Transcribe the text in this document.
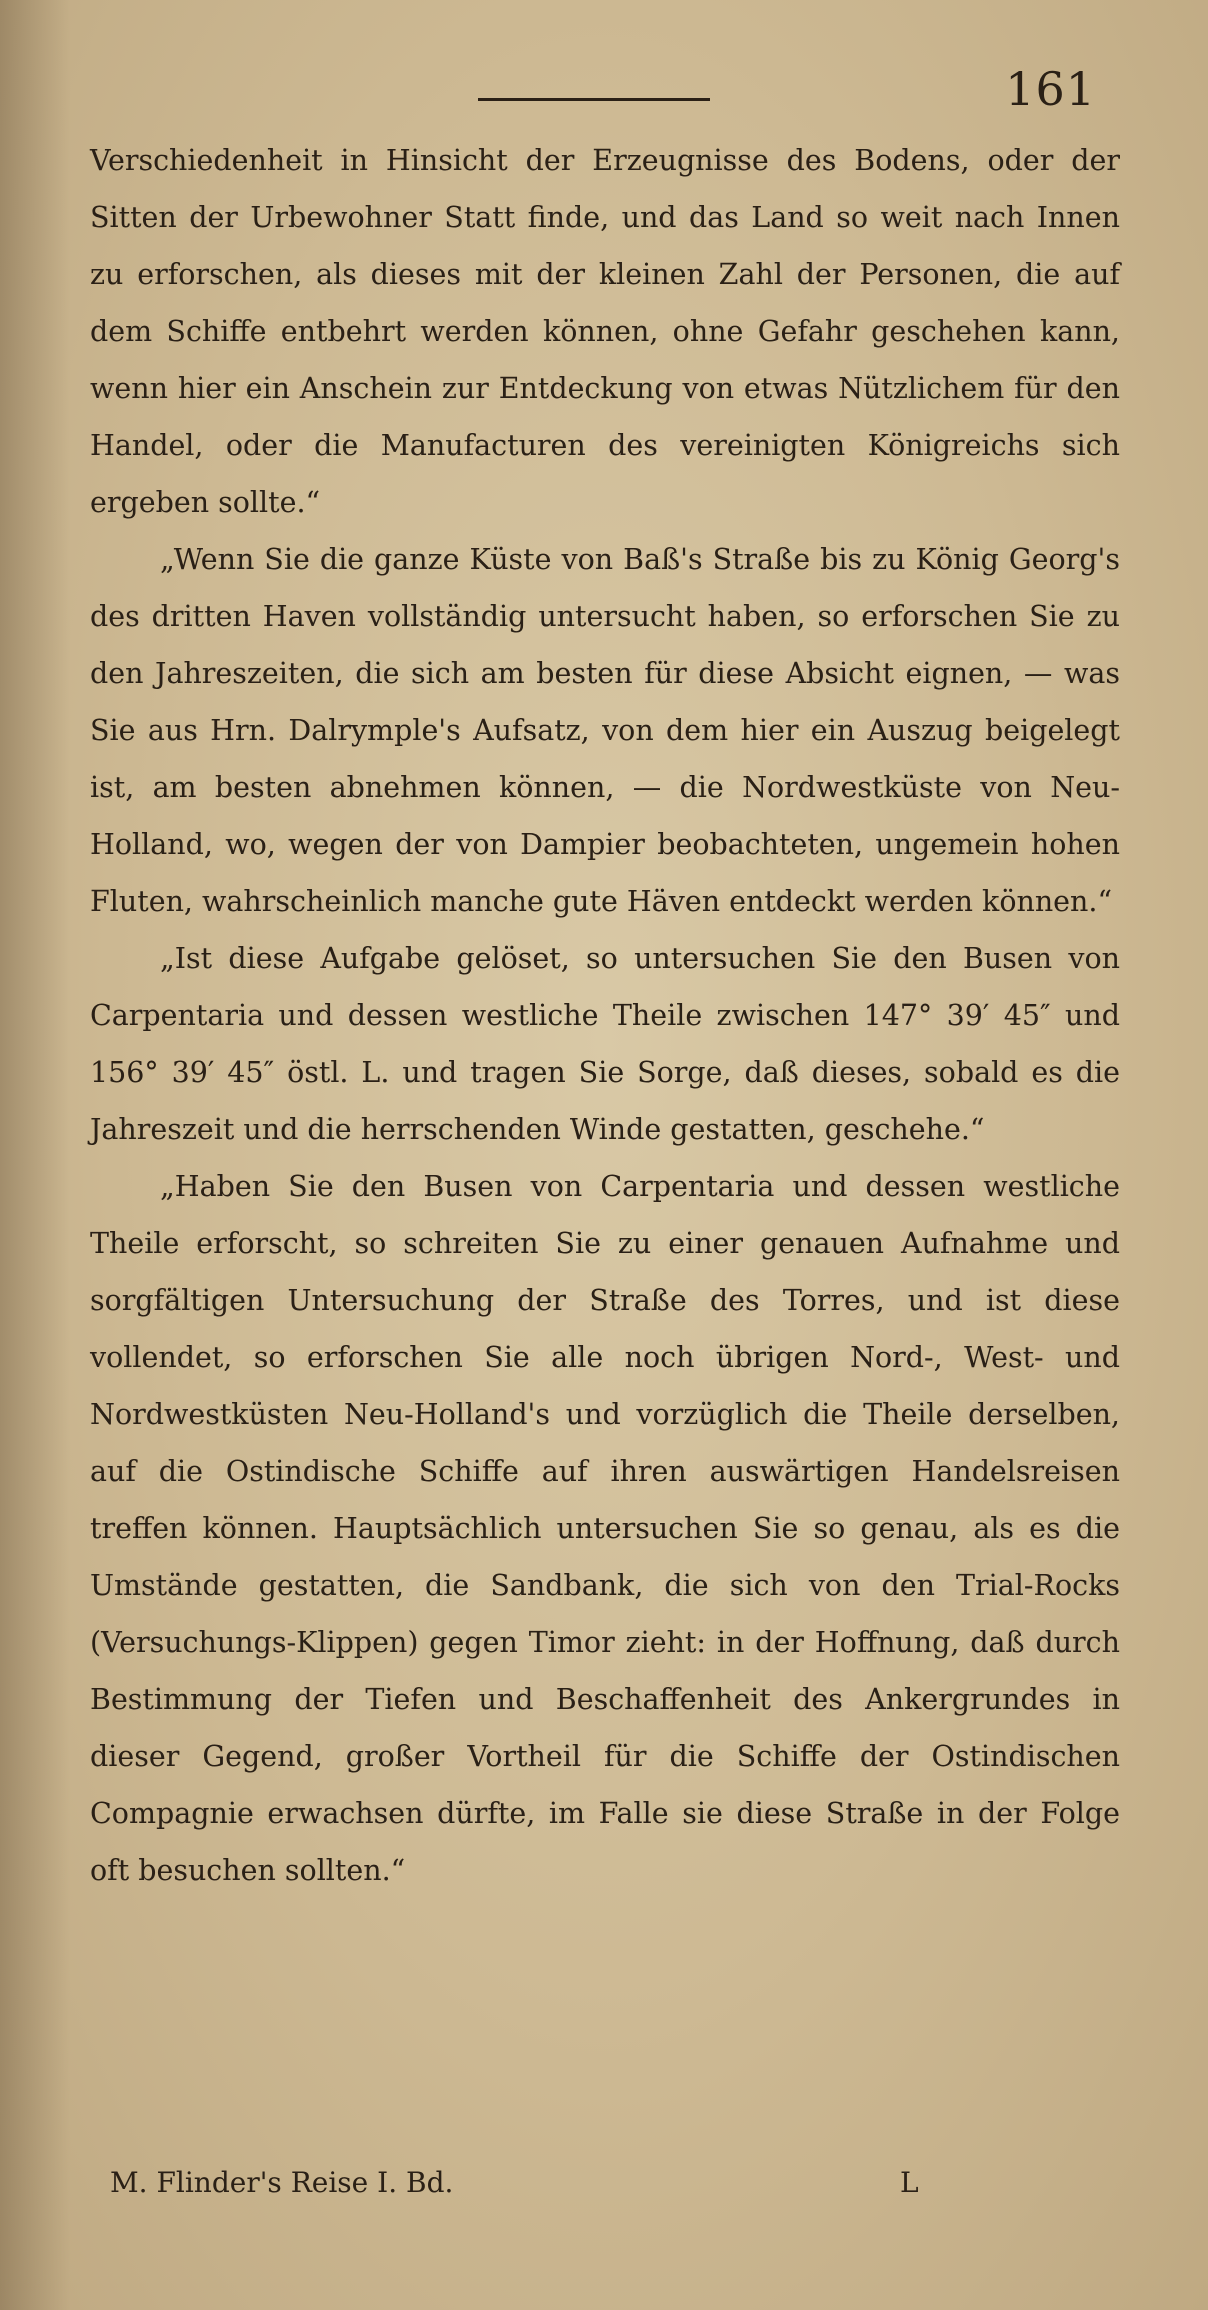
161

Verschiedenheit in Hinsicht der Erzeugnisse des Bodens, oder der Sitten der Urbewohner Statt finde, und das Land so weit nach Innen zu erforschen, als dieses mit der kleinen Zahl der Personen, die auf dem Schiffe entbehrt werden können, ohne Gefahr geschehen kann, wenn hier ein Anschein zur Entdeckung von etwas Nützlichem für den Handel, oder die Manufacturen des vereinigten Königreichs sich ergeben sollte.“

„Wenn Sie die ganze Küste von Baß's Straße bis zu König Georg's des dritten Haven vollständig untersucht haben, so erforschen Sie zu den Jahreszeiten, die sich am besten für diese Absicht eignen, — was Sie aus Hrn. Dalrymple's Aufsatz, von dem hier ein Auszug beigelegt ist, am besten abnehmen können, — die Nordwestküste von Neu-Holland, wo, wegen der von Dampier beobachteten, ungemein hohen Fluten, wahrscheinlich manche gute Häven entdeckt werden können.“

„Ist diese Aufgabe gelöset, so untersuchen Sie den Busen von Carpentaria und dessen westliche Theile zwischen 147° 39′ 45″ und 156° 39′ 45″ östl. L. und tragen Sie Sorge, daß dieses, sobald es die Jahreszeit und die herrschenden Winde gestatten, geschehe.“

„Haben Sie den Busen von Carpentaria und dessen westliche Theile erforscht, so schreiten Sie zu einer genauen Aufnahme und sorgfältigen Untersuchung der Straße des Torres, und ist diese vollendet, so erforschen Sie alle noch übrigen Nord-, West- und Nordwestküsten Neu-Holland's und vorzüglich die Theile derselben, auf die Ostindische Schiffe auf ihren auswärtigen Handelsreisen treffen können. Hauptsächlich untersuchen Sie so genau, als es die Umstände gestatten, die Sandbank, die sich von den Trial-Rocks (Versuchungs-Klippen) gegen Timor zieht: in der Hoffnung, daß durch Bestimmung der Tiefen und Beschaffenheit des Ankergrundes in dieser Gegend, großer Vortheil für die Schiffe der Ostindischen Compagnie erwachsen dürfte, im Falle sie diese Straße in der Folge oft besuchen sollten.“

M. Flinder's Reise I. Bd.	L
